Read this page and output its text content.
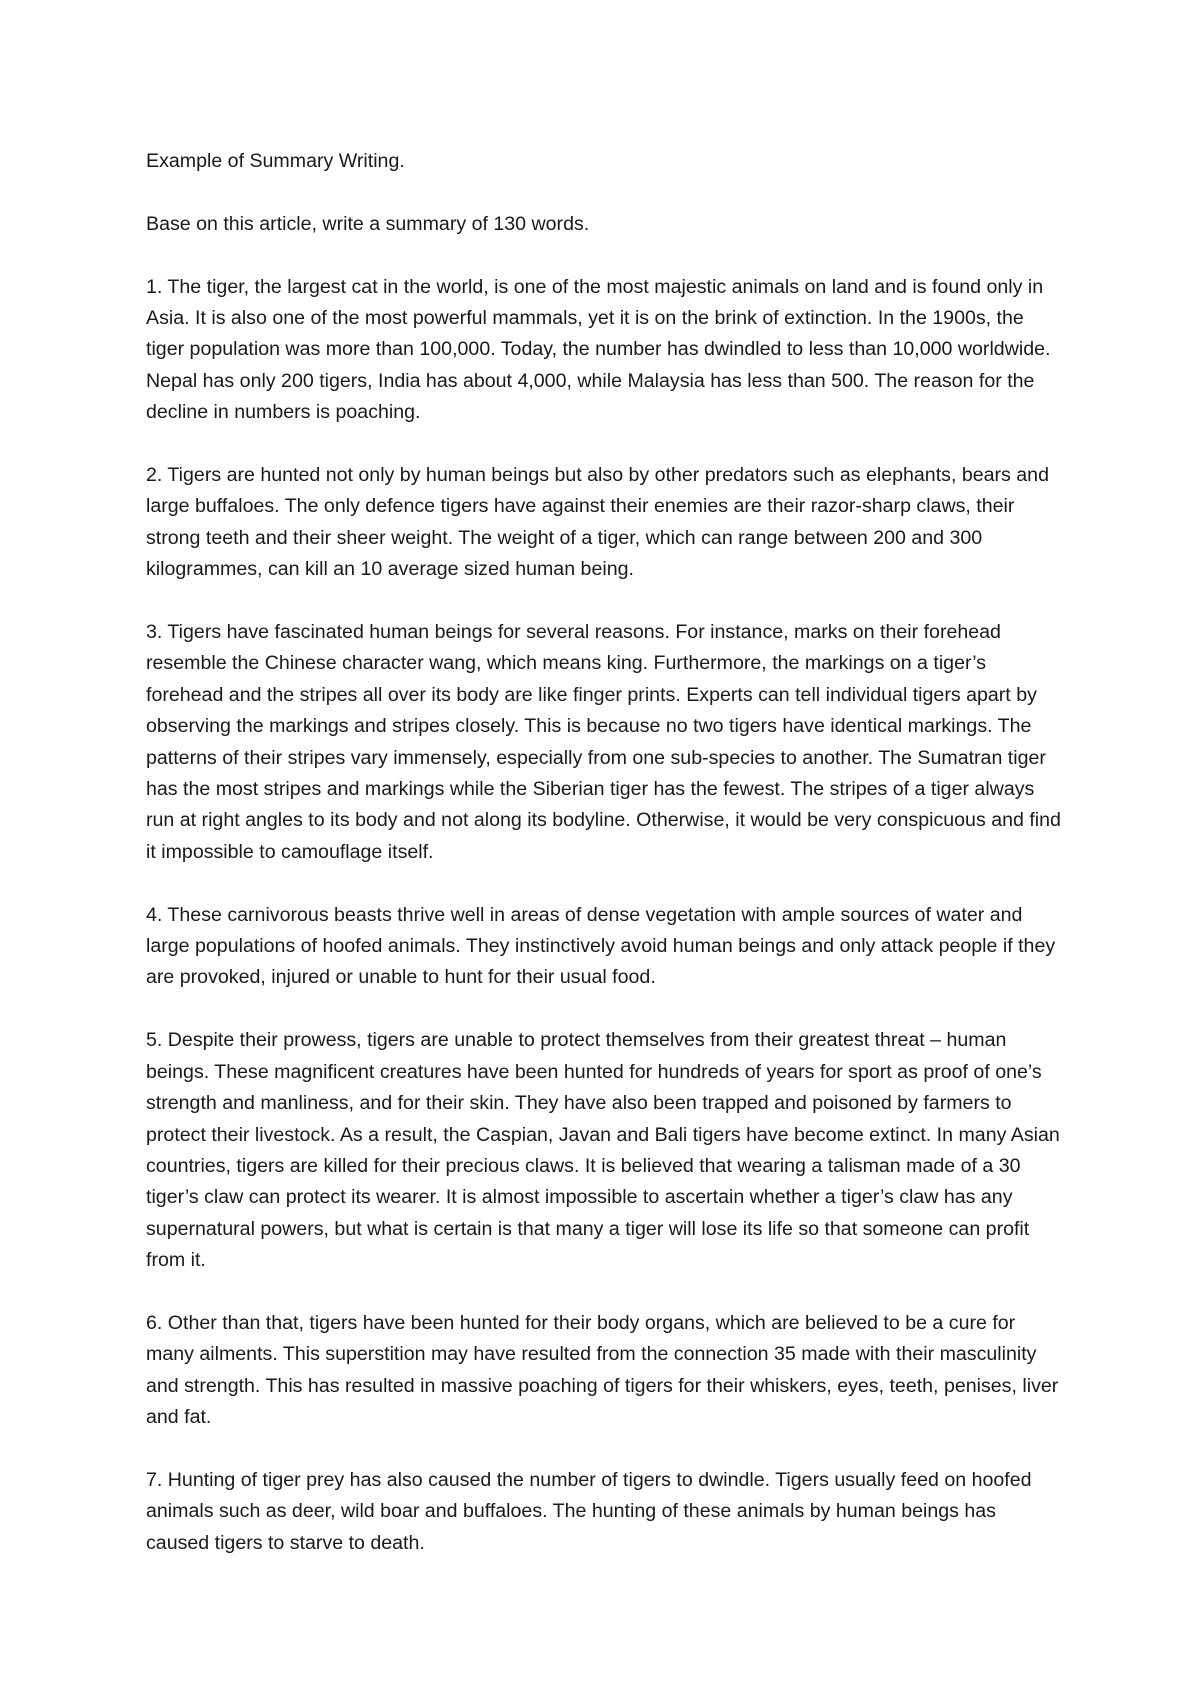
Example of Summary Writing.

Base on this article, write a summary of 130 words.

1. The tiger, the largest cat in the world, is one of the most majestic animals on land and is found only in Asia. It is also one of the most powerful mammals, yet it is on the brink of extinction. In the 1900s, the tiger population was more than 100,000. Today, the number has dwindled to less than 10,000 worldwide. Nepal has only 200 tigers, India has about 4,000, while Malaysia has less than 500. The reason for the decline in numbers is poaching.

2. Tigers are hunted not only by human beings but also by other predators such as elephants, bears and large buffaloes. The only defence tigers have against their enemies are their razor-sharp claws, their strong teeth and their sheer weight. The weight of a tiger, which can range between 200 and 300 kilogrammes, can kill an 10 average sized human being.

3. Tigers have fascinated human beings for several reasons. For instance, marks on their forehead resemble the Chinese character wang, which means king. Furthermore, the markings on a tiger’s forehead and the stripes all over its body are like finger prints. Experts can tell individual tigers apart by observing the markings and stripes closely. This is because no two tigers have identical markings. The patterns of their stripes vary immensely, especially from one sub-species to another. The Sumatran tiger has the most stripes and markings while the Siberian tiger has the fewest. The stripes of a tiger always run at right angles to its body and not along its bodyline. Otherwise, it would be very conspicuous and find it impossible to camouflage itself.

4. These carnivorous beasts thrive well in areas of dense vegetation with ample sources of water and large populations of hoofed animals. They instinctively avoid human beings and only attack people if they are provoked, injured or unable to hunt for their usual food.

5. Despite their prowess, tigers are unable to protect themselves from their greatest threat – human beings. These magnificent creatures have been hunted for hundreds of years for sport as proof of one’s strength and manliness, and for their skin. They have also been trapped and poisoned by farmers to protect their livestock. As a result, the Caspian, Javan and Bali tigers have become extinct. In many Asian countries, tigers are killed for their precious claws. It is believed that wearing a talisman made of a 30 tiger’s claw can protect its wearer. It is almost impossible to ascertain whether a tiger’s claw has any supernatural powers, but what is certain is that many a tiger will lose its life so that someone can profit from it.

6. Other than that, tigers have been hunted for their body organs, which are believed to be a cure for many ailments. This superstition may have resulted from the connection 35 made with their masculinity and strength. This has resulted in massive poaching of tigers for their whiskers, eyes, teeth, penises, liver and fat.

7. Hunting of tiger prey has also caused the number of tigers to dwindle. Tigers usually feed on hoofed animals such as deer, wild boar and buffaloes. The hunting of these animals by human beings has caused tigers to starve to death.
